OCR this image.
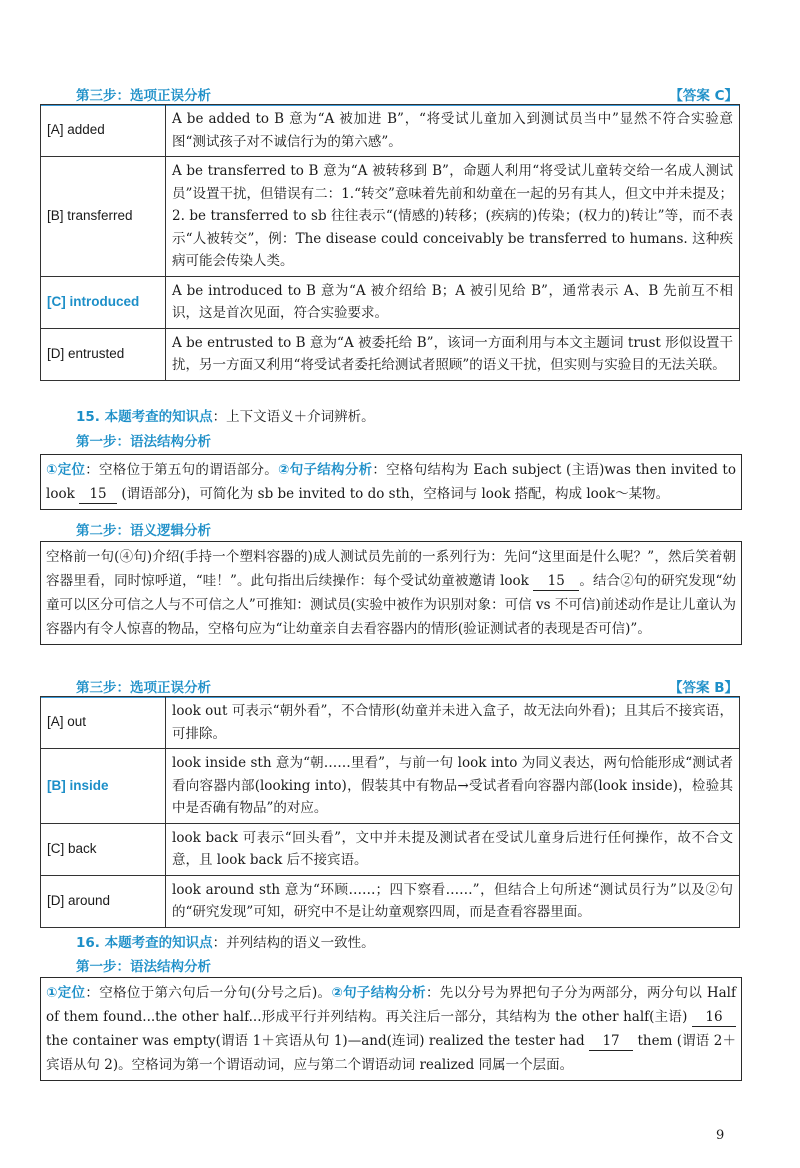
第三步：选项正误分析	【答案 C】
[A] added	A be added to B 意为“A 被加进 B”，“将受试儿童加入到测试员当中”显然不符合实验意图“测试孩子对不诚信行为的第六感”。
[B] transferred	A be transferred to B 意为“A 被转移到 B”，命题人利用“将受试儿童转交给一名成人测试员”设置干扰，但错误有二：1.“转交”意味着先前和幼童在一起的另有其人，但文中并未提及；2. be transferred to sb 往往表示“(情感的)转移；(疾病的)传染；(权力的)转让”等，而不表示“人被转交”，例：The disease could conceivably be transferred to humans. 这种疾病可能会传染人类。
[C] introduced	A be introduced to B 意为“A 被介绍给 B；A 被引见给 B”，通常表示 A、B 先前互不相识，这是首次见面，符合实验要求。
[D] entrusted	A be entrusted to B 意为“A 被委托给 B”，该词一方面利用与本文主题词 trust 形似设置干扰，另一方面又利用“将受试者委托给测试者照顾”的语义干扰，但实则与实验目的无法关联。
15. 本题考查的知识点：上下文语义＋介词辨析。
第一步：语法结构分析
①定位：空格位于第五句的谓语部分。②句子结构分析：空格句结构为 Each subject (主语)was then invited to look 15 (谓语部分)，可简化为 sb be invited to do sth，空格词与 look 搭配，构成 look～某物。
第二步：语义逻辑分析
空格前一句(④句)介绍(手持一个塑料容器的)成人测试员先前的一系列行为：先问“这里面是什么呢？”，然后笑着朝容器里看，同时惊呼道，“哇！”。此句指出后续操作：每个受试幼童被邀请 look 15 。结合②句的研究发现“幼童可以区分可信之人与不可信之人”可推知：测试员(实验中被作为识别对象：可信 vs 不可信)前述动作是让儿童认为容器内有令人惊喜的物品，空格句应为“让幼童亲自去看容器内的情形(验证测试者的表现是否可信)”。
第三步：选项正误分析	【答案 B】
[A] out	look out 可表示“朝外看”，不合情形(幼童并未进入盒子，故无法向外看)；且其后不接宾语，可排除。
[B] inside	look inside sth 意为“朝……里看”，与前一句 look into 为同义表达，两句恰能形成“测试者看向容器内部(looking into)，假装其中有物品→受试者看向容器内部(look inside)，检验其中是否确有物品”的对应。
[C] back	look back 可表示“回头看”，文中并未提及测试者在受试儿童身后进行任何操作，故不合文意，且 look back 后不接宾语。
[D] around	look around sth 意为“环顾……；四下察看……”，但结合上句所述“测试员行为”以及②句的“研究发现”可知，研究中不是让幼童观察四周，而是查看容器里面。
16. 本题考查的知识点：并列结构的语义一致性。
第一步：语法结构分析
①定位：空格位于第六句后一分句(分号之后)。②句子结构分析：先以分号为界把句子分为两部分，两分句以 Half of them found...the other half...形成平行并列结构。再关注后一部分，其结构为 the other half(主语) 16 the container was empty(谓语 1＋宾语从句 1)—and(连词) realized the tester had 17 them (谓语 2＋宾语从句 2)。空格词为第一个谓语动词，应与第二个谓语动词 realized 同属一个层面。
9
